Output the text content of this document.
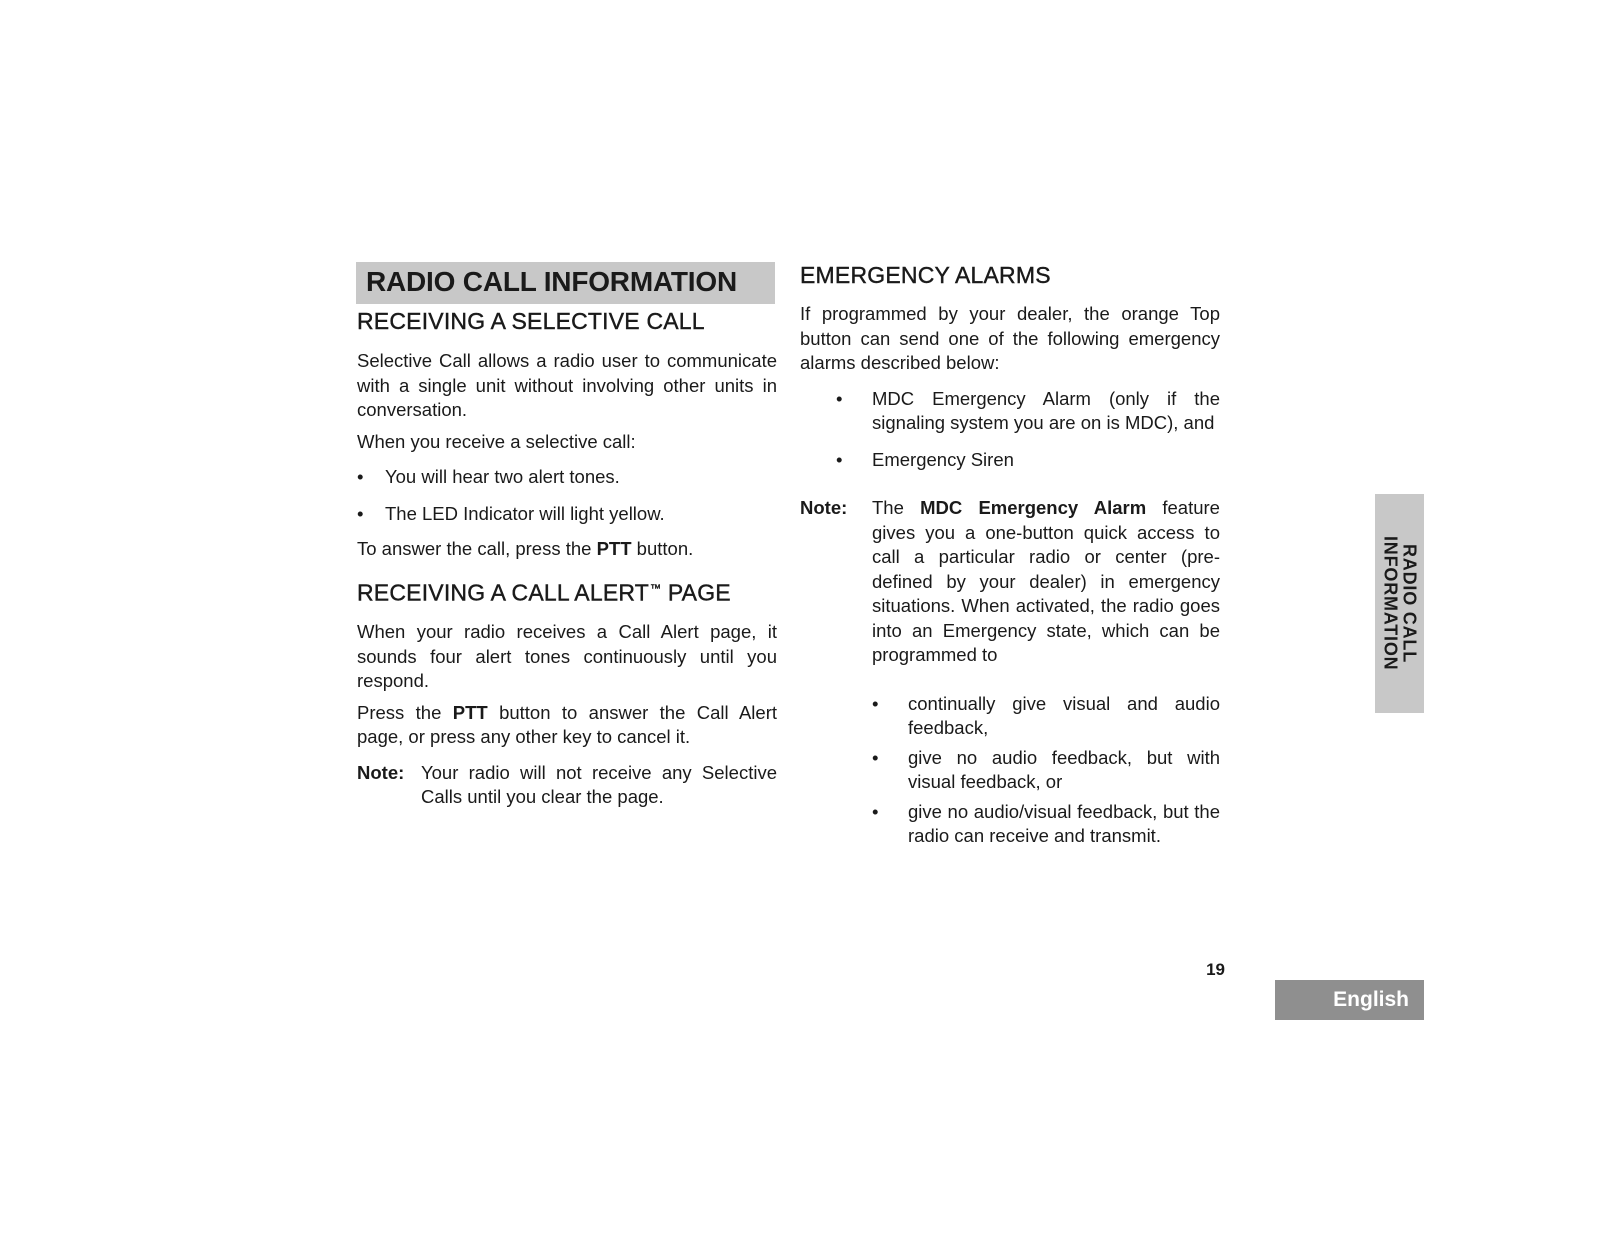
RADIO CALL INFORMATION
RECEIVING A SELECTIVE CALL

Selective Call allows a radio user to communicate with a single unit without involving other units in conversation.

When you receive a selective call:

• You will hear two alert tones.
• The LED Indicator will light yellow.

To answer the call, press the PTT button.

RECEIVING A CALL ALERT™ PAGE

When your radio receives a Call Alert page, it sounds four alert tones continuously until you respond.

Press the PTT button to answer the Call Alert page, or press any other key to cancel it.

Note: Your radio will not receive any Selective Calls until you clear the page.
EMERGENCY ALARMS

If programmed by your dealer, the orange Top button can send one of the following emergency alarms described below:

• MDC Emergency Alarm (only if the signaling system you are on is MDC), and
• Emergency Siren
Note:	The MDC Emergency Alarm feature gives you a one-button quick access to call a particular radio or center (pre-defined by your dealer) in emergency situations. When activated, the radio goes into an Emergency state, which can be programmed to
• continually give visual and audio feedback,
• give no audio feedback, but with visual feedback, or
• give no audio/visual feedback, but the radio can receive and transmit.
RADIO CALL
INFORMATION
19
English
